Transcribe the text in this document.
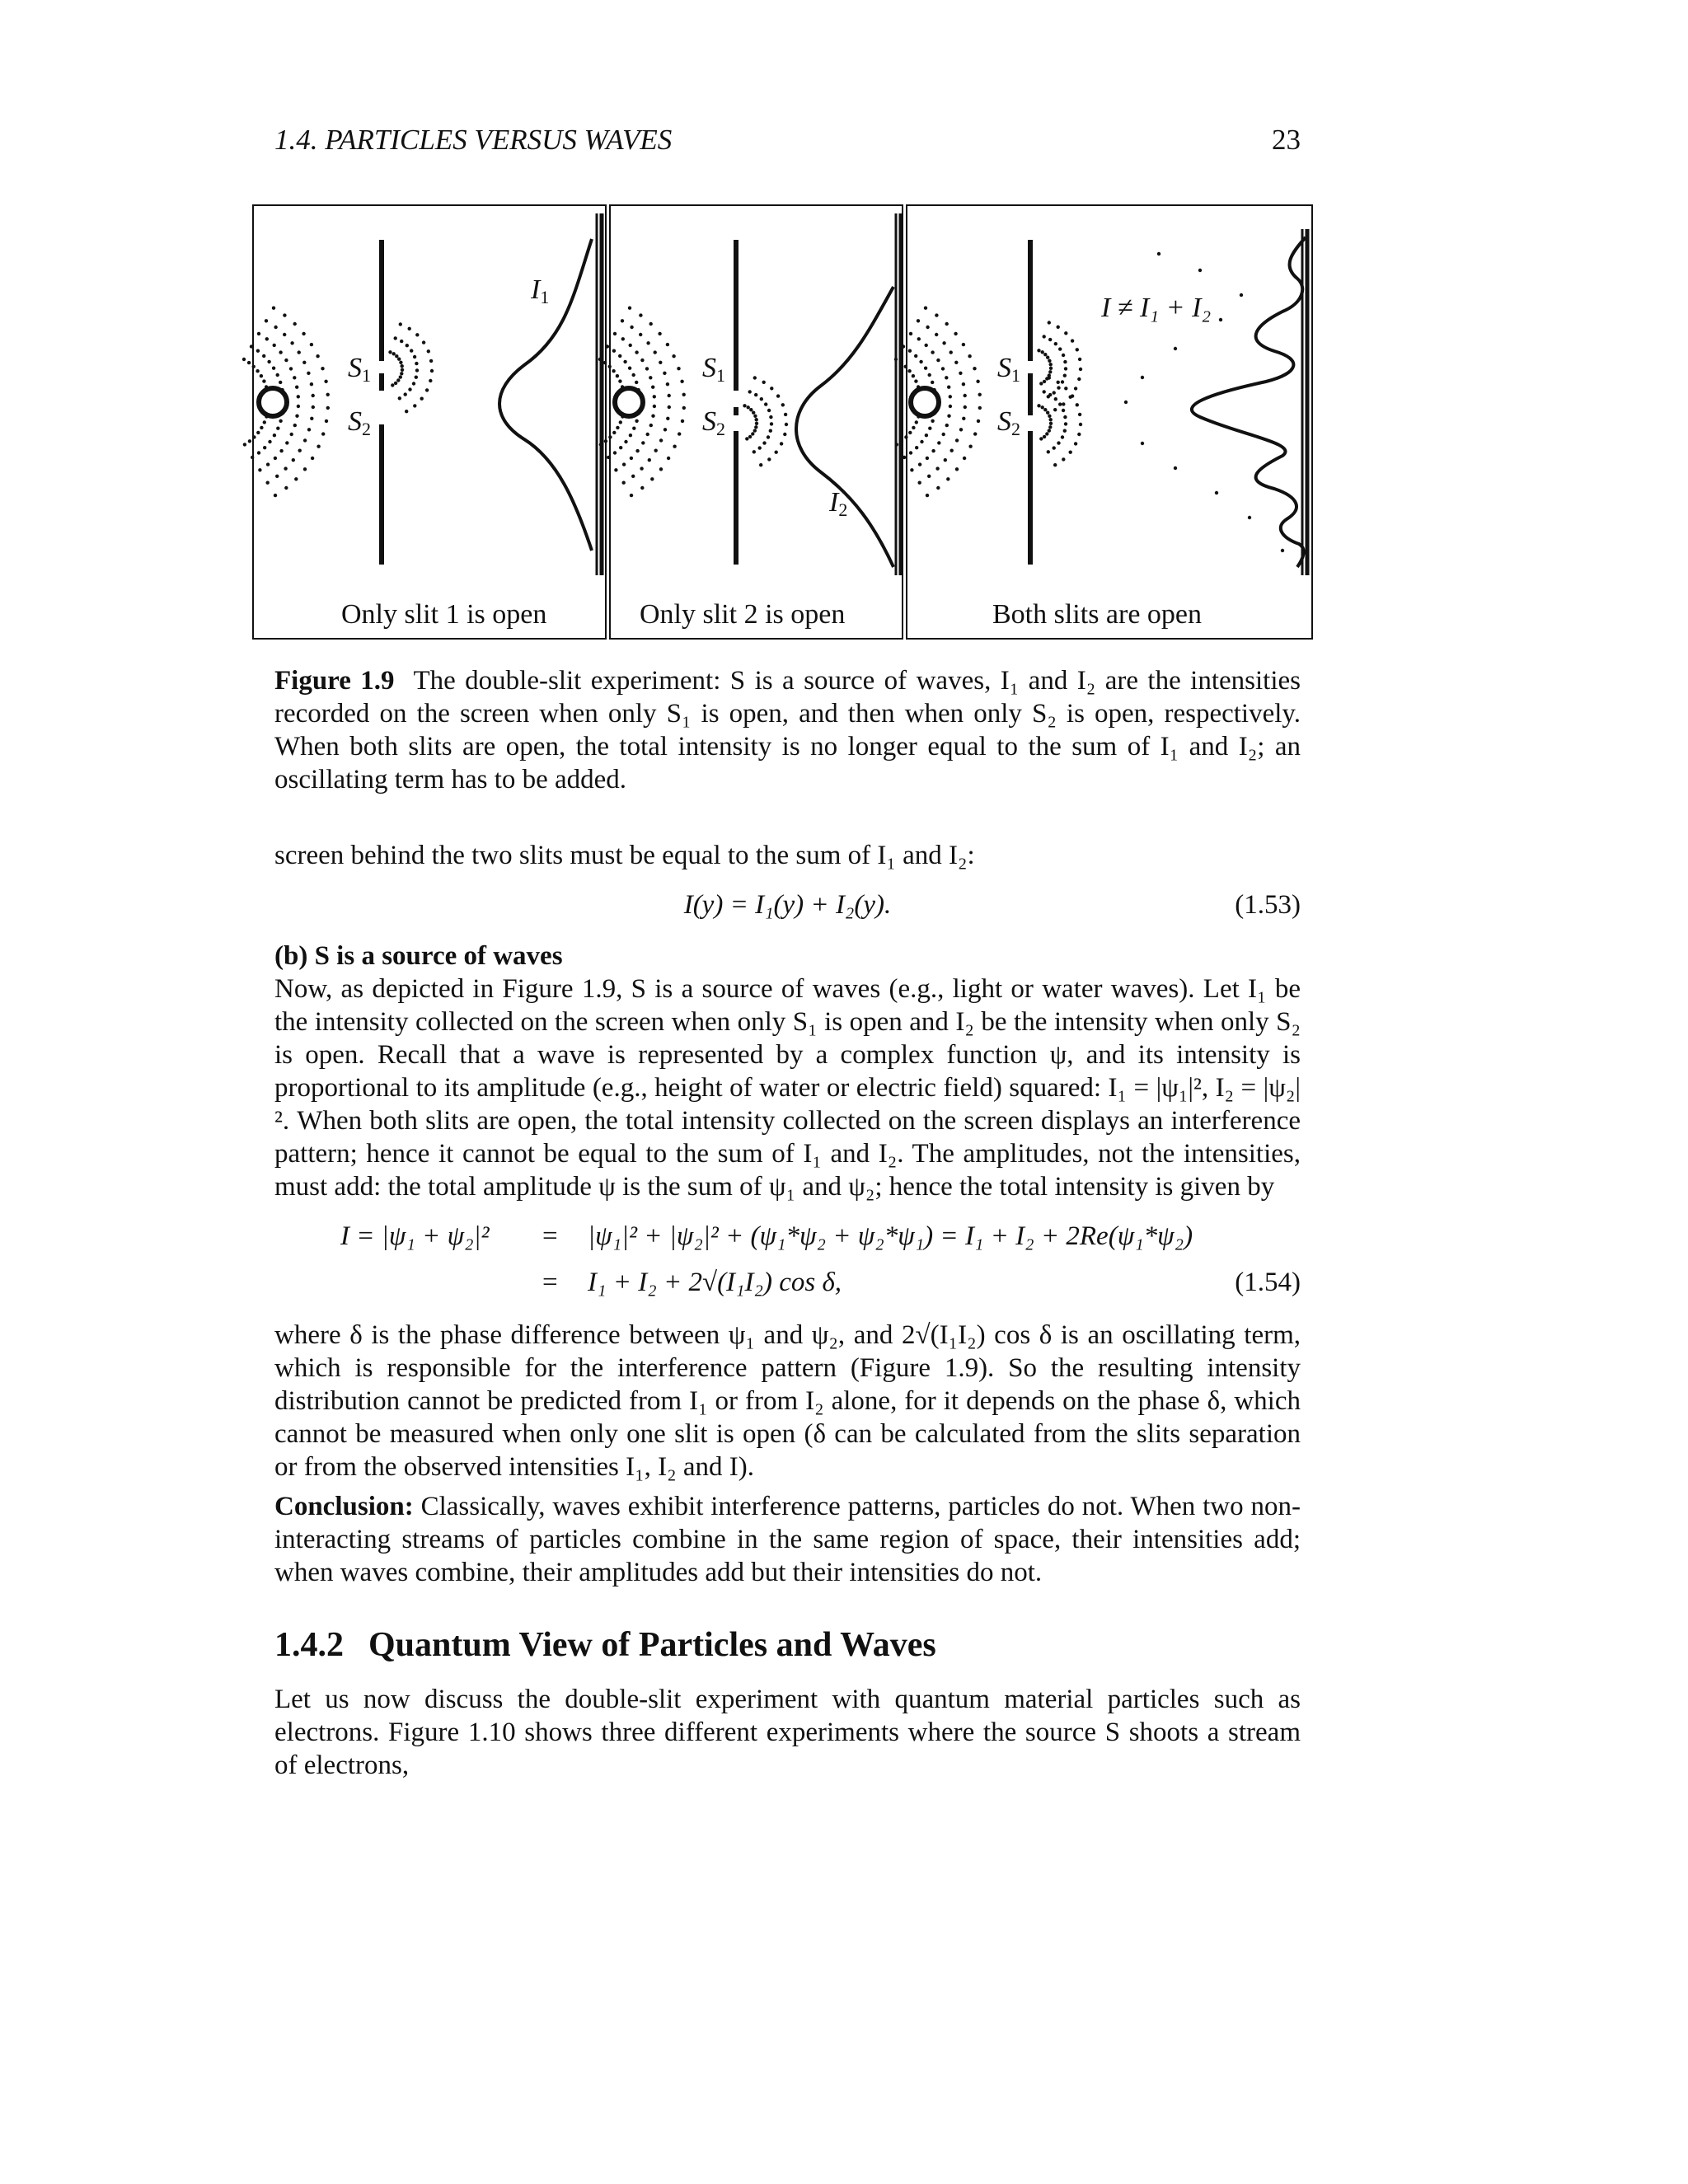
1.4. PARTICLES VERSUS WAVES	23
S1
S2
I1
Only slit 1 is open
S1
S2
I2
Only slit 2 is open
S1
S2
I ≠ I₁ + I₂
Both slits are open
Figure 1.9 The double-slit experiment: S is a source of waves, I₁ and I₂ are the intensities recorded on the screen when only S₁ is open, and then when only S₂ is open, respectively. When both slits are open, the total intensity is no longer equal to the sum of I₁ and I₂; an oscillating term has to be added.
screen behind the two slits must be equal to the sum of I₁ and I₂:
I(y) = I₁(y) + I₂(y).	(1.53)
(b) S is a source of waves
Now, as depicted in Figure 1.9, S is a source of waves (e.g., light or water waves). Let I₁ be the intensity collected on the screen when only S₁ is open and I₂ be the intensity when only S₂ is open. Recall that a wave is represented by a complex function ψ, and its intensity is proportional to its amplitude (e.g., height of water or electric field) squared: I₁ = |ψ₁|², I₂ = |ψ₂|². When both slits are open, the total intensity collected on the screen displays an interference pattern; hence it cannot be equal to the sum of I₁ and I₂. The amplitudes, not the intensities, must add: the total amplitude ψ is the sum of ψ₁ and ψ₂; hence the total intensity is given by
I = |ψ₁ + ψ₂|² = |ψ₁|² + |ψ₂|² + (ψ₁*ψ₂ + ψ₂*ψ₁) = I₁ + I₂ + 2Re(ψ₁*ψ₂)
= I₁ + I₂ + 2√(I₁I₂) cos δ,	(1.54)
where δ is the phase difference between ψ₁ and ψ₂, and 2√(I₁I₂) cos δ is an oscillating term, which is responsible for the interference pattern (Figure 1.9). So the resulting intensity distribution cannot be predicted from I₁ or from I₂ alone, for it depends on the phase δ, which cannot be measured when only one slit is open (δ can be calculated from the slits separation or from the observed intensities I₁, I₂ and I).
Conclusion: Classically, waves exhibit interference patterns, particles do not. When two non-interacting streams of particles combine in the same region of space, their intensities add; when waves combine, their amplitudes add but their intensities do not.
1.4.2 Quantum View of Particles and Waves
Let us now discuss the double-slit experiment with quantum material particles such as electrons. Figure 1.10 shows three different experiments where the source S shoots a stream of electrons,
